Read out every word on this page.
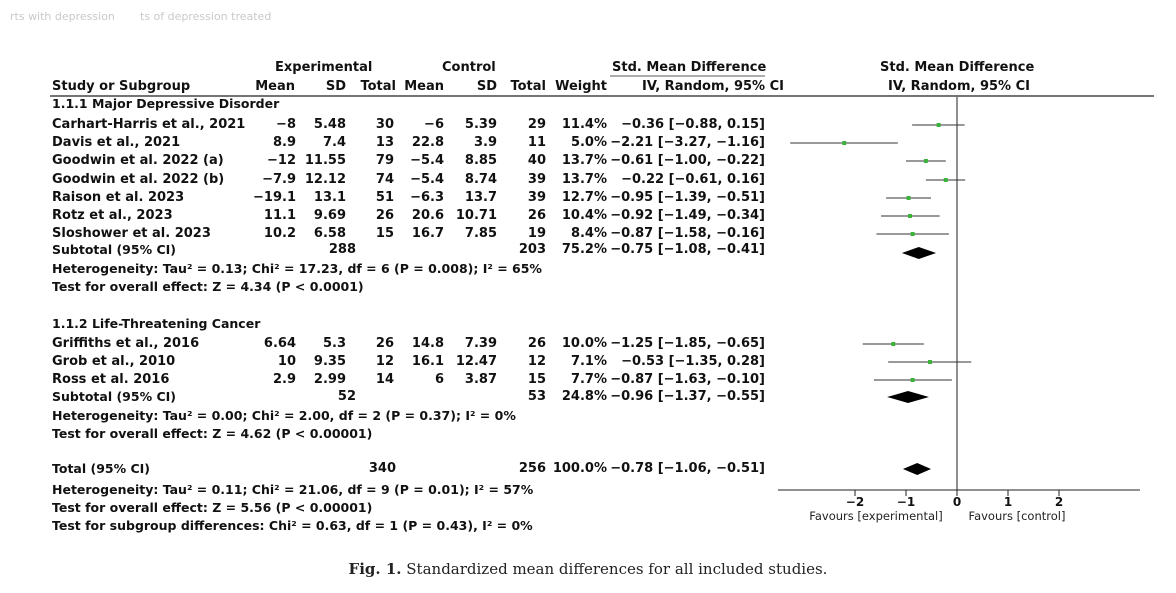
rts with depression ts of depression treated
Experimental	Control	Std. Mean Difference	Std. Mean Difference
Study or Subgroup	Mean SD Total Mean	SD Total Weight	IV, Random, 95% CI	IV, Random, 95% CI
1.1.1 Major Depressive Disorder
Carhart-Harris et al., 2021 −8 5.48 30 −6 5.39 29 11.4% −0.36 [−0.88, 0.15]
Davis et al., 2021	8.9 7.4 13 22.8 3.9 11 5.0% −2.21 [−3.27, −1.16]
Goodwin et al. 2022 (a)	−12 11.55 79 −5.4 8.85 40 13.7% −0.61 [−1.00, −0.22]
Goodwin et al. 2022 (b)	−7.9 12.12 74 −5.4 8.74 39 13.7% −0.22 [−0.61, 0.16]
Raison et al. 2023	−19.1 13.1 51 −6.3 13.7 39 12.7% −0.95 [−1.39, −0.51]
Rotz et al., 2023	11.1 9.69 26 20.6 10.71 26 10.4% −0.92 [−1.49, −0.34]
Sloshower et al. 2023	10.2 6.58 15 16.7 7.85 19 8.4% −0.87 [−1.58, −0.16]
Subtotal (95% CI)	288	203 75.2% −0.75 [−1.08, −0.41]
Heterogeneity: Tau² = 0.13; Chi² = 17.23, df = 6 (P = 0.008); I² = 65%
Test for overall effect: Z = 4.34 (P < 0.0001)
1.1.2 Life-Threatening Cancer
Griffiths et al., 2016	6.64 5.3 26 14.8 7.39 26 10.0% −1.25 [−1.85, −0.65]
Grob et al., 2010	10 9.35 12 16.1 12.47 12 7.1% −0.53 [−1.35, 0.28]
Ross et al. 2016	2.9 2.99 14	6 3.87 15 7.7% −0.87 [−1.63, −0.10]
Subtotal (95% CI)	52	53 24.8% −0.96 [−1.37, −0.55]
Heterogeneity: Tau² = 0.00; Chi² = 2.00, df = 2 (P = 0.37); I² = 0%
Test for overall effect: Z = 4.62 (P < 0.00001)
Total (95% CI)	340	256 100.0% −0.78 [−1.06, −0.51]
Heterogeneity: Tau² = 0.11; Chi² = 21.06, df = 9 (P = 0.01); I² = 57%
Test for overall effect: Z = 5.56 (P < 0.00001)
Test for subgroup differences: Chi² = 0.63, df = 1 (P = 0.43), I² = 0%
−2	−1	0	1	2
Favours [experimental] Favours [control]
Fig. 1. Standardized mean differences for all included studies.
